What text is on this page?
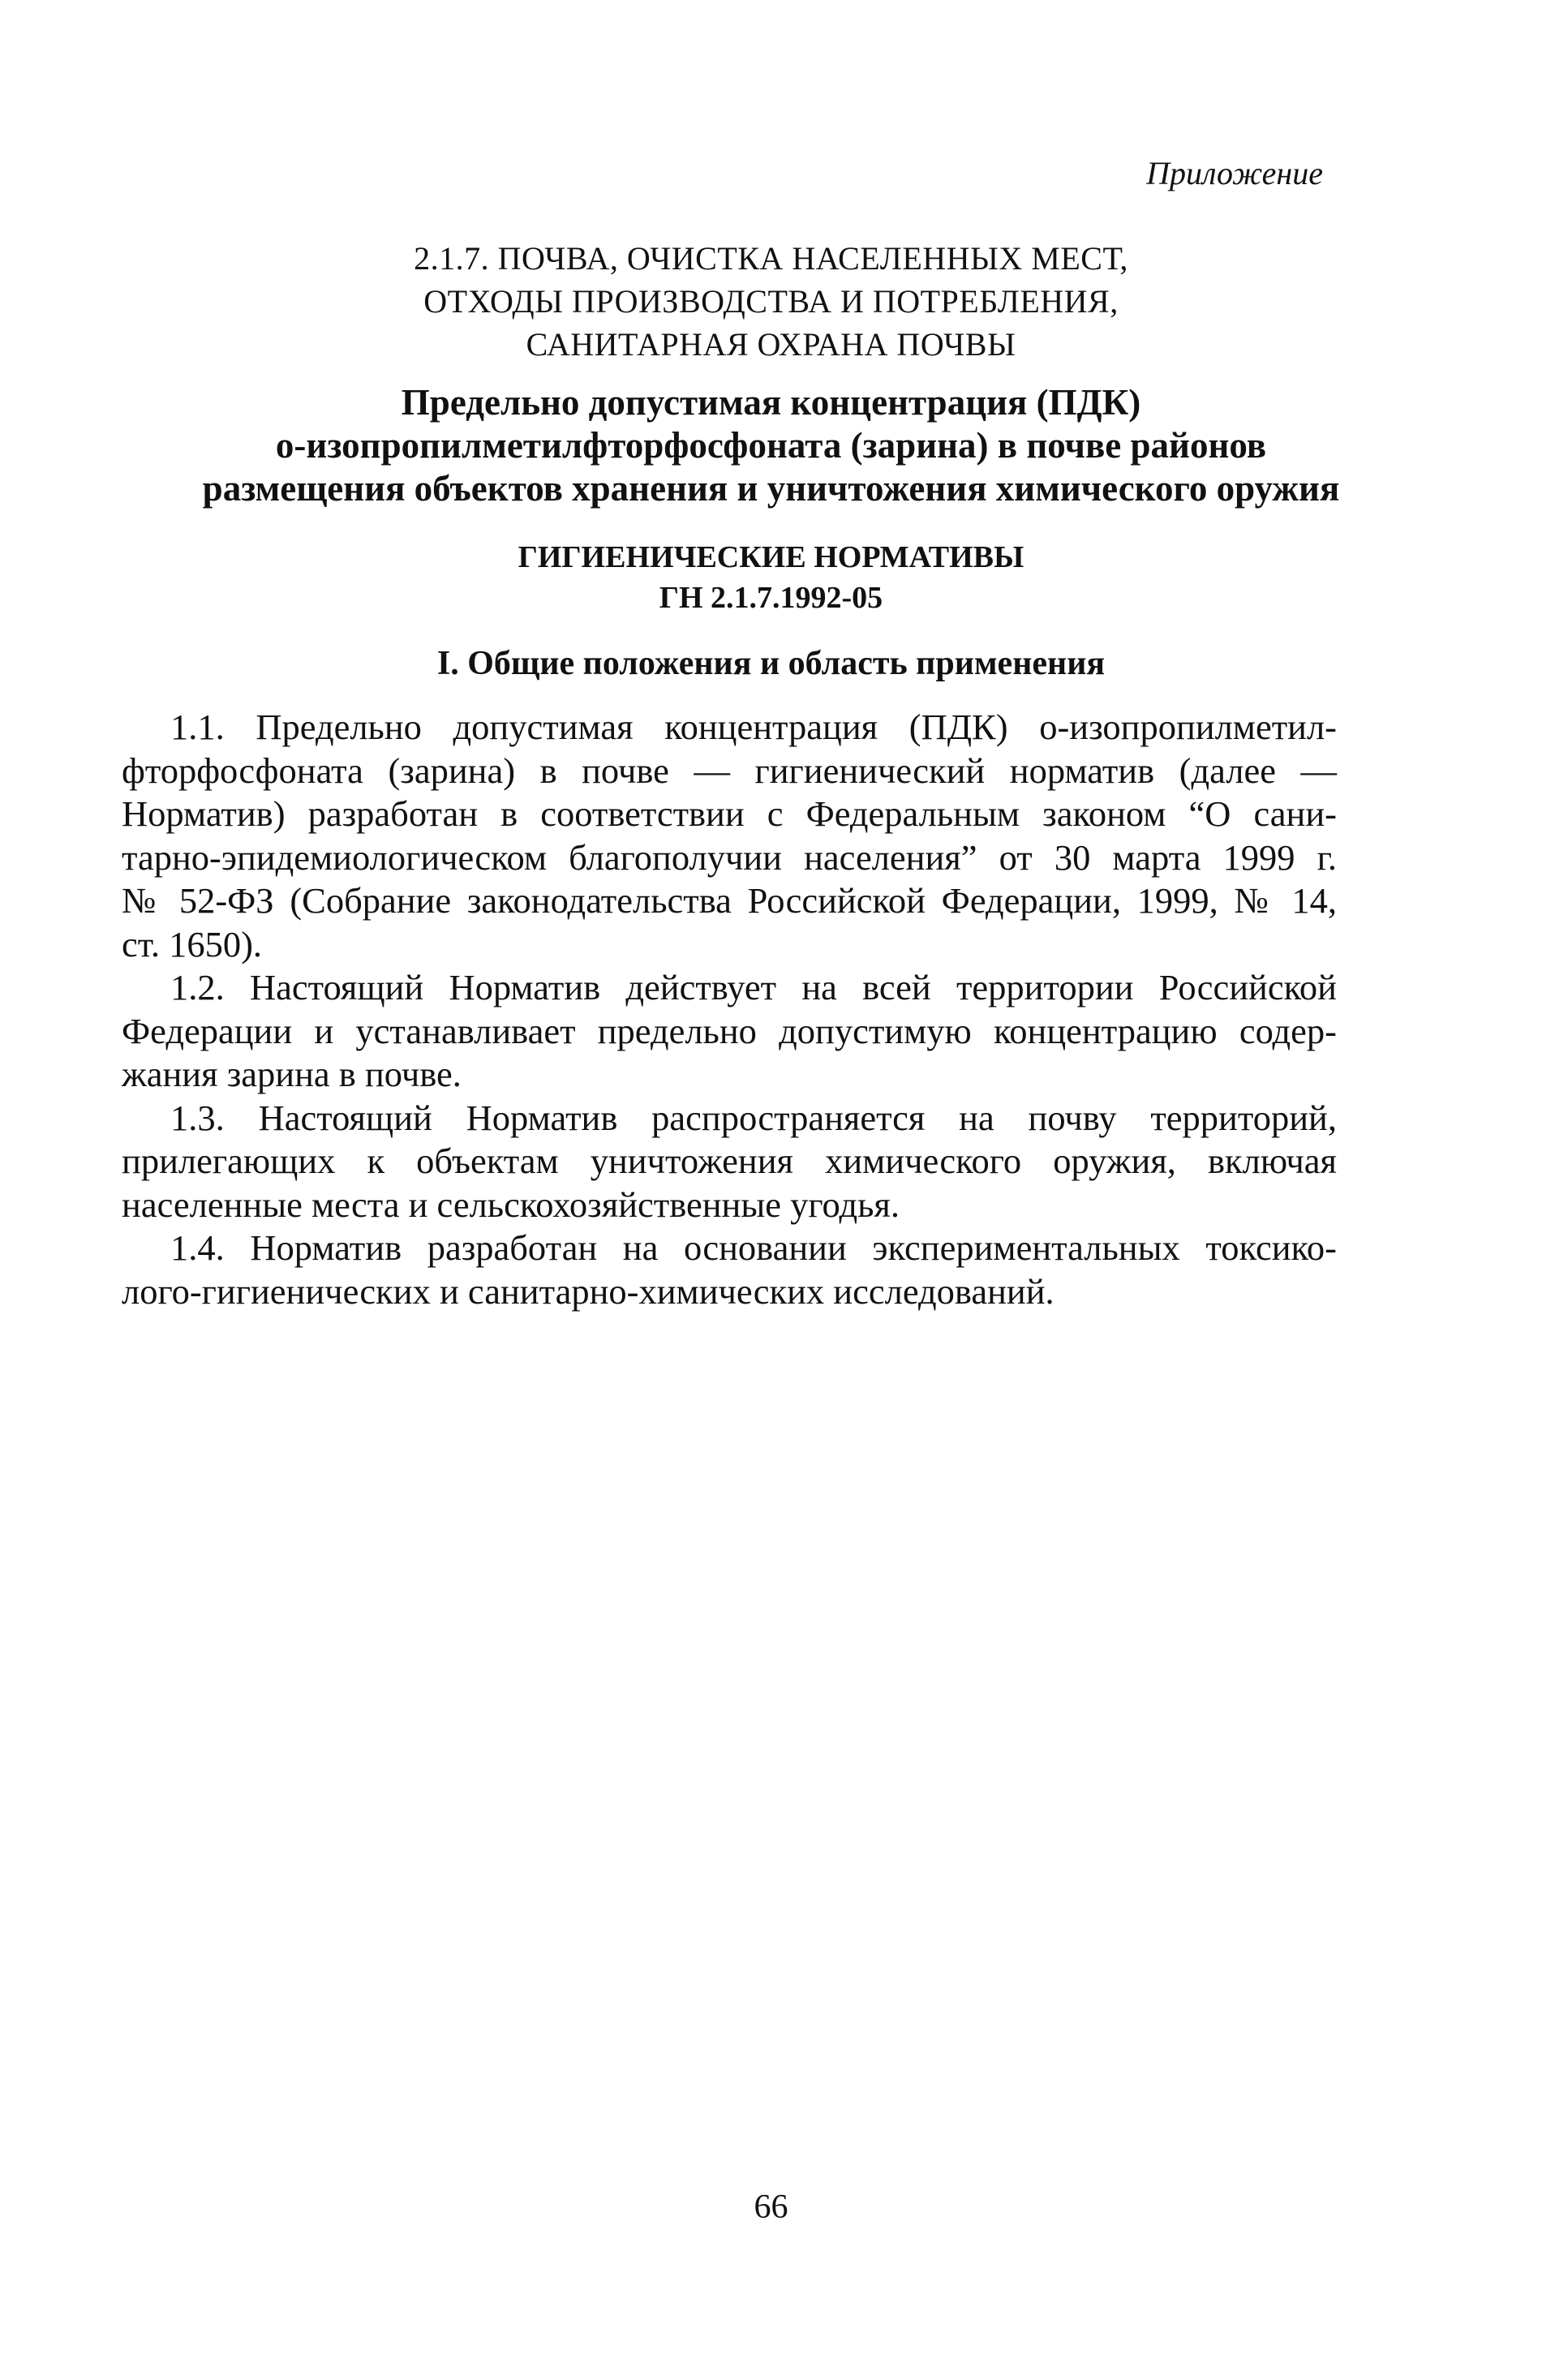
Приложение
2.1.7. ПОЧВА, ОЧИСТКА НАСЕЛЕННЫХ МЕСТ,
ОТХОДЫ ПРОИЗВОДСТВА И ПОТРЕБЛЕНИЯ,
САНИТАРНАЯ ОХРАНА ПОЧВЫ
Предельно допустимая концентрация (ПДК)
о-изопропилметилфторфосфоната (зарина) в почве районов
размещения объектов хранения и уничтожения химического оружия
ГИГИЕНИЧЕСКИЕ НОРМАТИВЫ
ГН 2.1.7.1992-05
I. Общие положения и область применения
1.1. Предельно допустимая концентрация (ПДК) о-изопропилметил-
фторфосфоната (зарина) в почве — гигиенический норматив (далее —
Норматив) разработан в соответствии с Федеральным законом “О сани-
тарно-эпидемиологическом благополучии населения” от 30 марта 1999 г.
№ 52-ФЗ (Собрание законодательства Российской Федерации, 1999, № 14,
ст. 1650).
1.2. Настоящий Норматив действует на всей территории Российской
Федерации и устанавливает предельно допустимую концентрацию содер-
жания зарина в почве.
1.3. Настоящий Норматив распространяется на почву территорий,
прилегающих к объектам уничтожения химического оружия, включая
населенные места и сельскохозяйственные угодья.
1.4. Норматив разработан на основании экспериментальных токсико-
лого-гигиенических и санитарно-химических исследований.
66
